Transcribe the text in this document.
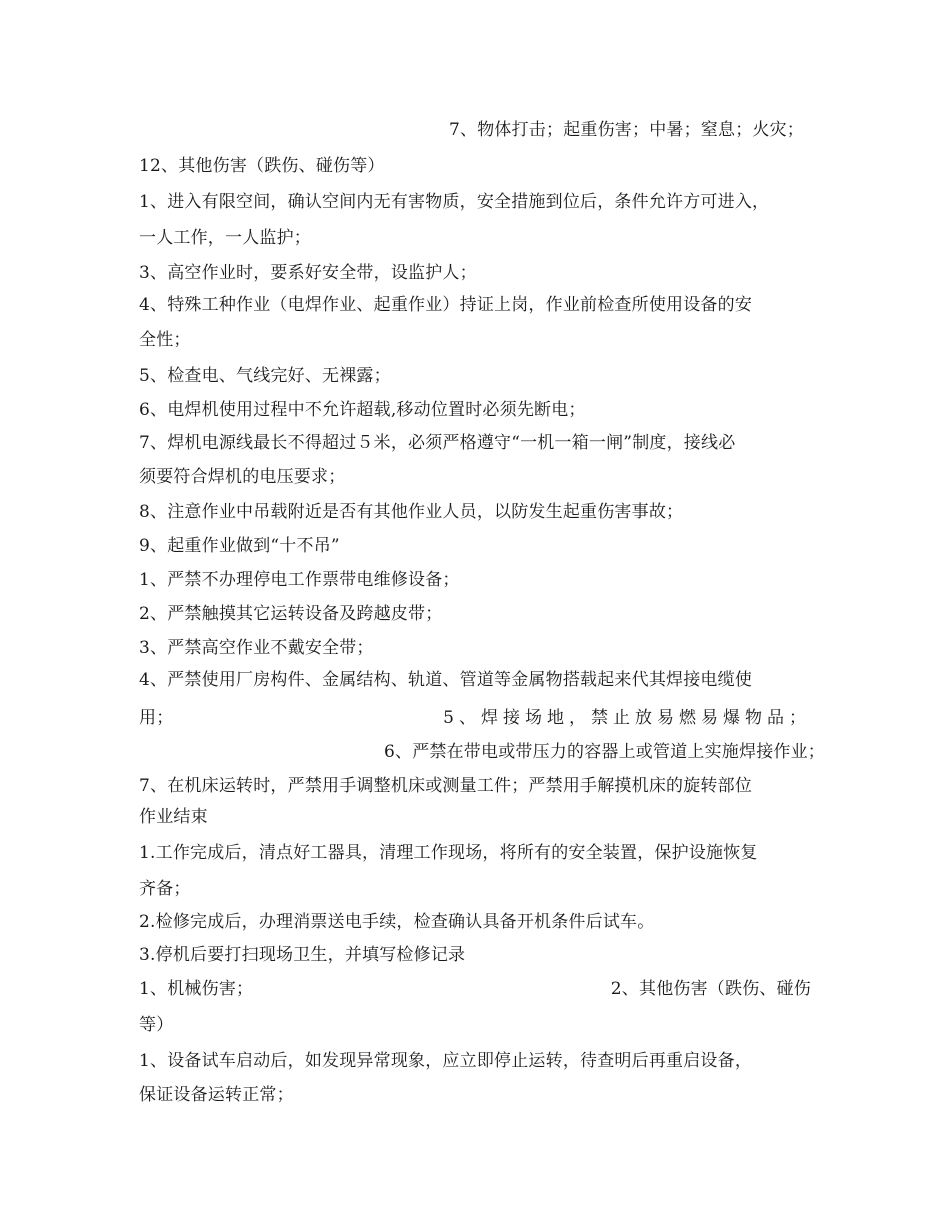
7、物体打击；起重伤害；中暑；窒息；火灾；
12、其他伤害（跌伤、碰伤等）
1、进入有限空间，确认空间内无有害物质，安全措施到位后，条件允许方可进入，
一人工作，一人监护；
3、高空作业时，要系好安全带，设监护人；
4、特殊工种作业（电焊作业、起重作业）持证上岗，作业前检查所使用设备的安
全性；
5、检查电、气线完好、无裸露；
6、电焊机使用过程中不允许超载,移动位置时必须先断电；
7、焊机电源线最长不得超过５米，必须严格遵守“一机一箱一闸”制度，接线必
须要符合焊机的电压要求；
8、注意作业中吊载附近是否有其他作业人员，以防发生起重伤害事故；
9、起重作业做到“十不吊”
1、严禁不办理停电工作票带电维修设备；
2、严禁触摸其它运转设备及跨越皮带；
3、严禁高空作业不戴安全带；
4、严禁使用厂房构件、金属结构、轨道、管道等金属物搭载起来代其焊接电缆使
用；	5、焊接场地，禁止放易燃易爆物品；
6、严禁在带电或带压力的容器上或管道上实施焊接作业；
7、在机床运转时，严禁用手调整机床或测量工件；严禁用手解摸机床的旋转部位
作业结束
1.工作完成后，清点好工器具，清理工作现场，将所有的安全装置，保护设施恢复
齐备；
2.检修完成后，办理消票送电手续，检查确认具备开机条件后试车。
3.停机后要打扫现场卫生，并填写检修记录
1、机械伤害；	2、其他伤害（跌伤、碰伤
等）
1、设备试车启动后，如发现异常现象，应立即停止运转，待查明后再重启设备，
保证设备运转正常；
